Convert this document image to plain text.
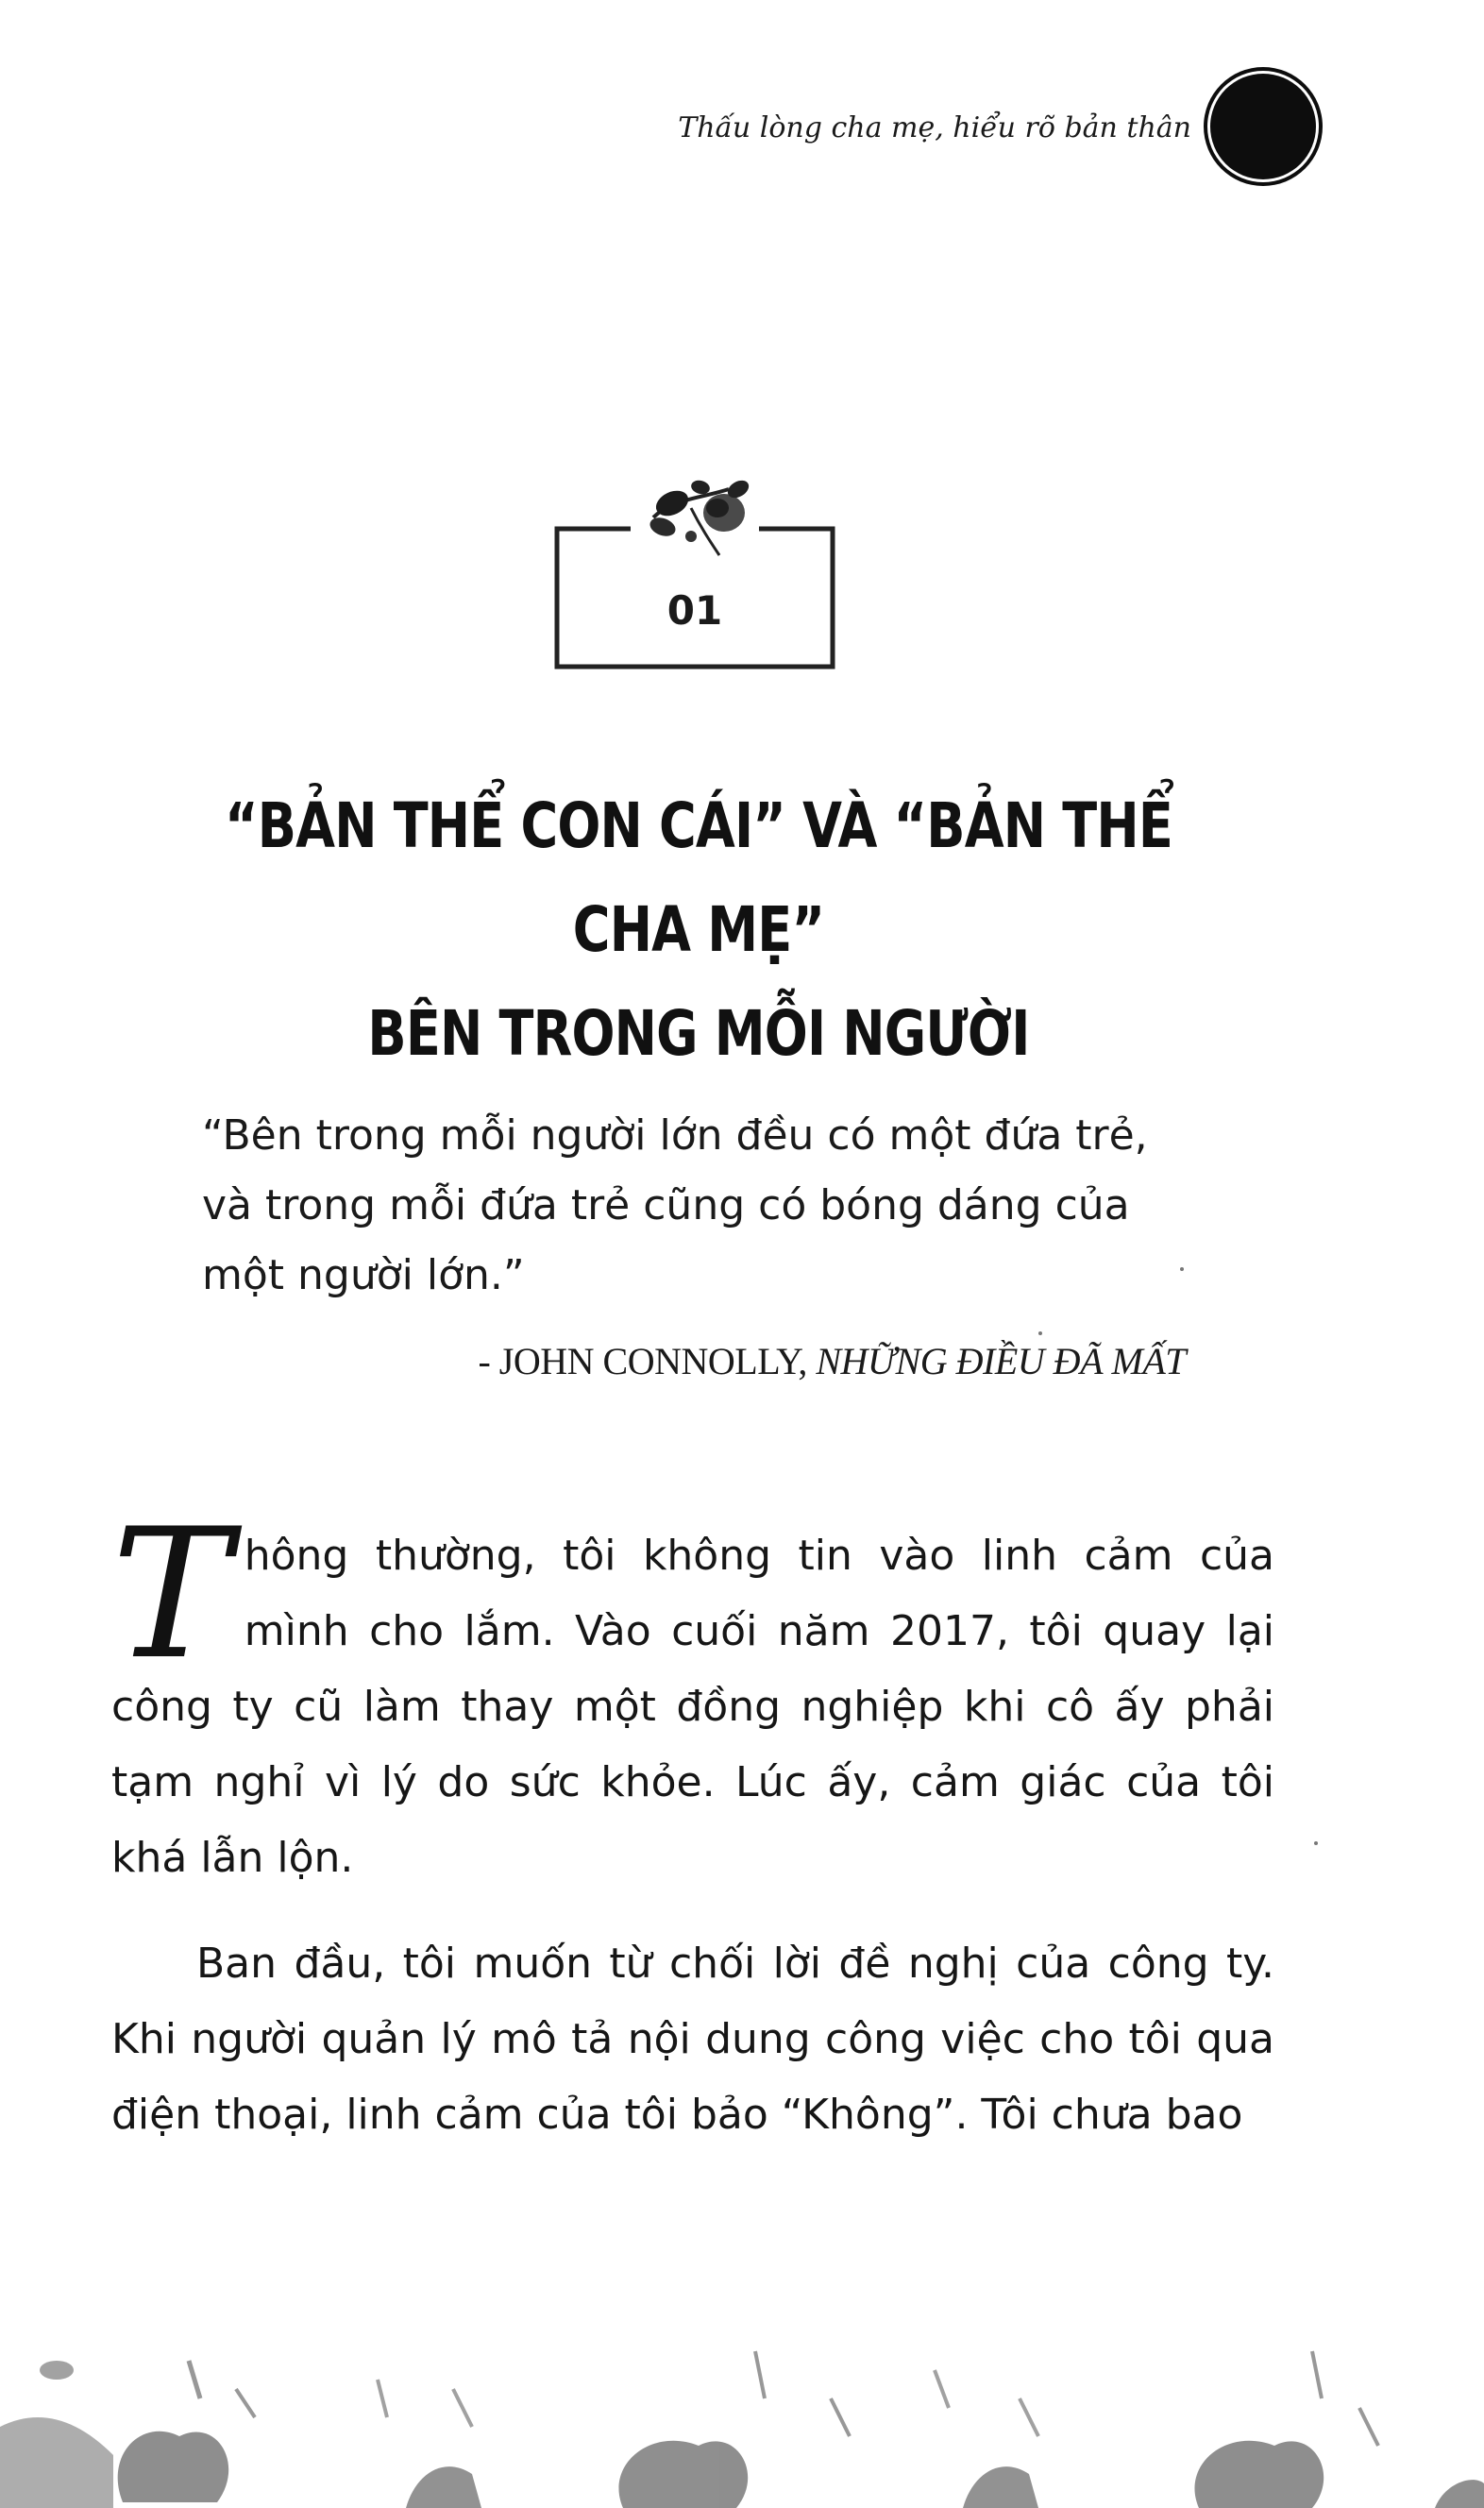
Thấu lòng cha mẹ, hiểu rõ bản thân
01
“BẢN THỂ CON CÁI” VÀ “BẢN THỂ CHA MẸ”
BÊN TRONG MỖI NGƯỜI

“Bên trong mỗi người lớn đều có một đứa trẻ, và trong mỗi đứa trẻ cũng có bóng dáng của một người lớn.”

- JOHN CONNOLLY, NHỮNG ĐIỀU ĐÃ MẤT

Thông thường, tôi không tin vào linh cảm của mình cho lắm. Vào cuối năm 2017, tôi quay lại công ty cũ làm thay một đồng nghiệp khi cô ấy phải tạm nghỉ vì lý do sức khỏe. Lúc ấy, cảm giác của tôi khá lẫn lộn.

Ban đầu, tôi muốn từ chối lời đề nghị của công ty. Khi người quản lý mô tả nội dung công việc cho tôi qua điện thoại, linh cảm của tôi bảo “Không”. Tôi chưa bao
